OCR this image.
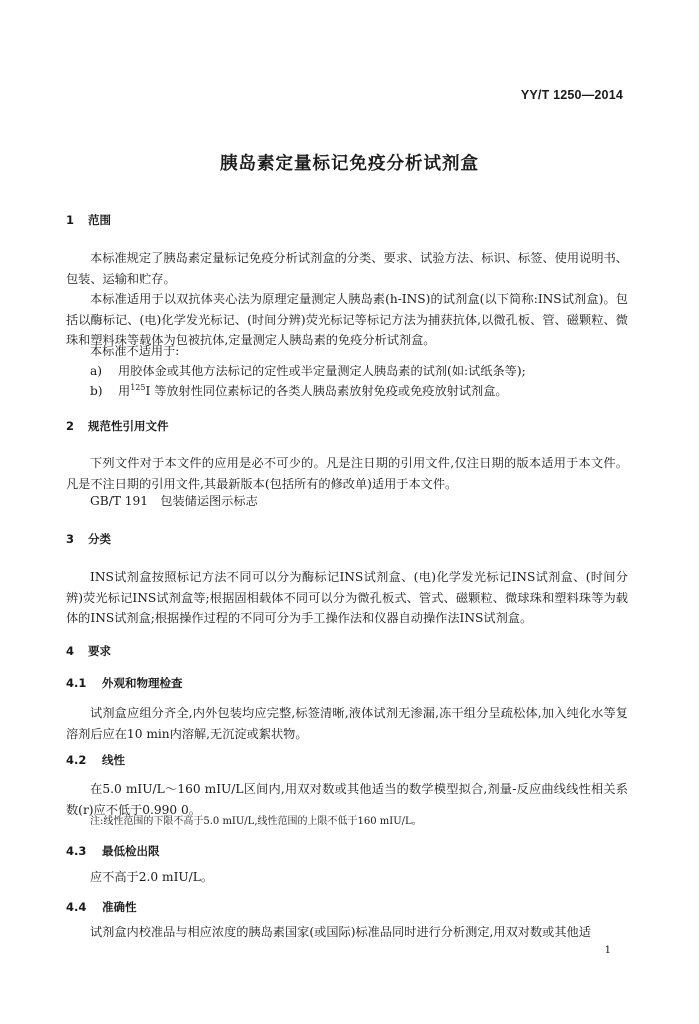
YY/T 1250—2014
胰岛素定量标记免疫分析试剂盒
1 范围

本标准规定了胰岛素定量标记免疫分析试剂盒的分类、要求、试验方法、标识、标签、使用说明书、包装、运输和贮存。

本标准适用于以双抗体夹心法为原理定量测定人胰岛素(h-INS)的试剂盒(以下简称:INS试剂盒)。包括以酶标记、(电)化学发光标记、(时间分辨)荧光标记等标记方法为捕获抗体,以微孔板、管、磁颗粒、微珠和塑料珠等载体为包被抗体,定量测定人胰岛素的免疫分析试剂盒。

本标准不适用于:

a) 用胶体金或其他方法标记的定性或半定量测定人胰岛素的试剂(如:试纸条等);
b) 用$^{125}$I 等放射性同位素标记的各类人胰岛素放射免疫或免疫放射试剂盒。
2 规范性引用文件

下列文件对于本文件的应用是必不可少的。凡是注日期的引用文件,仅注日期的版本适用于本文件。凡是不注日期的引用文件,其最新版本(包括所有的修改单)适用于本文件。

GB/T 191　包装储运图示标志

3 分类

INS试剂盒按照标记方法不同可以分为酶标记INS试剂盒、(电)化学发光标记INS试剂盒、(时间分辨)荧光标记INS试剂盒等;根据固相载体不同可以分为微孔板式、管式、磁颗粒、微球珠和塑料珠等为载体的INS试剂盒;根据操作过程的不同可分为手工操作法和仪器自动操作法INS试剂盒。

4 要求
4.1 外观和物理检查

试剂盒应组分齐全,内外包装均应完整,标签清晰,液体试剂无渗漏,冻干组分呈疏松体,加入纯化水等复溶剂后应在10 min内溶解,无沉淀或絮状物。

4.2 线性

在5.0 mIU/L～160 mIU/L区间内,用双对数或其他适当的数学模型拟合,剂量-反应曲线线性相关系数(r)应不低于0.990 0。

注:线性范围的下限不高于5.0 mIU/L,线性范围的上限不低于160 mIU/L。
4.3 最低检出限

应不高于2.0 mIU/L。

4.4 准确性

试剂盒内校准品与相应浓度的胰岛素国家(或国际)标准品同时进行分析测定,用双对数或其他适

1
